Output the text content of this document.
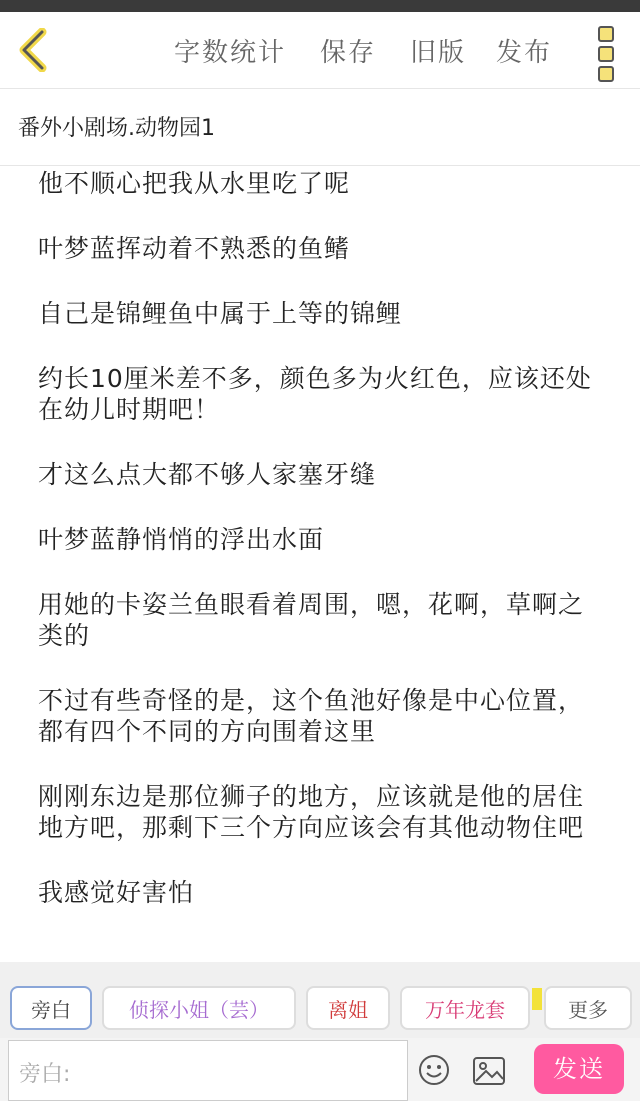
字数统计 保存 旧版 发布
番外小剧场.动物园1

他不顺心把我从水里吃了呢

叶梦蓝挥动着不熟悉的鱼鳍

自己是锦鲤鱼中属于上等的锦鲤

约长10厘米差不多，颜色多为火红色，应该还处在幼儿时期吧！

才这么点大都不够人家塞牙缝

叶梦蓝静悄悄的浮出水面

用她的卡姿兰鱼眼看着周围，嗯，花啊，草啊之类的

不过有些奇怪的是，这个鱼池好像是中心位置，都有四个不同的方向围着这里

刚刚东边是那位狮子的地方，应该就是他的居住地方吧，那剩下三个方向应该会有其他动物住吧

我感觉好害怕

旁白	侦探小姐（芸）	离姐	万年龙套	更多
旁白:	发送
